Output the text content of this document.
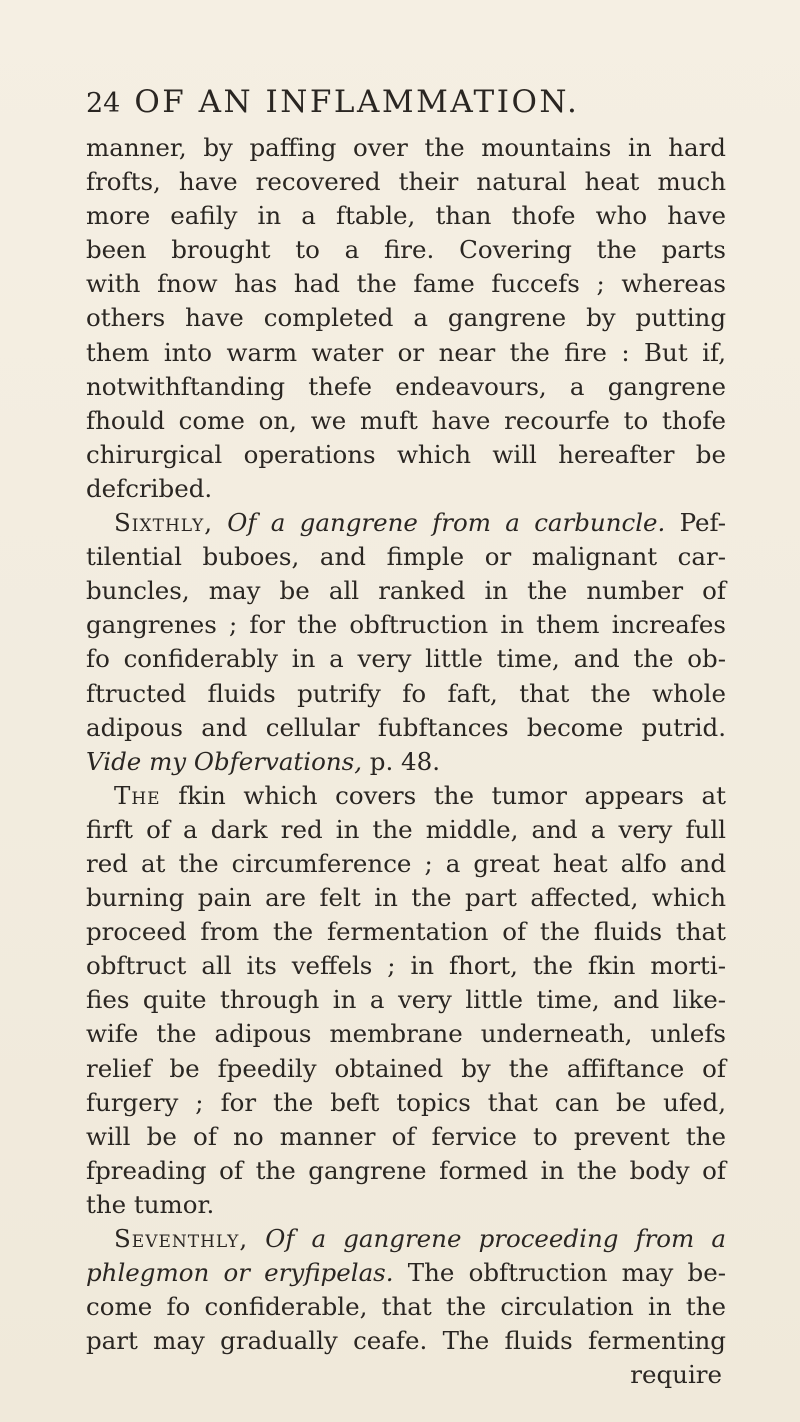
24 OF AN INFLAMMATION.
manner, by paffing over the mountains in hard
frofts, have recovered their natural heat much
more eafily in a ftable, than thofe who have
been brought to a fire. Covering the parts
with fnow has had the fame fuccefs ; whereas
others have completed a gangrene by putting
them into warm water or near the fire : But if,
notwithftanding thefe endeavours, a gangrene
fhould come on, we muft have recourfe to thofe
chirurgical operations which will hereafter be
defcribed.
Sixthly, Of a gangrene from a carbuncle. Pef-
tilential buboes, and fimple or malignant car-
buncles, may be all ranked in the number of
gangrenes ; for the obftruction in them increafes
fo confiderably in a very little time, and the ob-
ftructed fluids putrify fo faft, that the whole
adipous and cellular fubftances become putrid.
Vide my Obfervations, p. 48.
The fkin which covers the tumor appears at
firft of a dark red in the middle, and a very full
red at the circumference ; a great heat alfo and
burning pain are felt in the part affected, which
proceed from the fermentation of the fluids that
obftruct all its veffels ; in fhort, the fkin morti-
fies quite through in a very little time, and like-
wife the adipous membrane underneath, unlefs
relief be fpeedily obtained by the affiftance of
furgery ; for the beft topics that can be ufed,
will be of no manner of fervice to prevent the
fpreading of the gangrene formed in the body of
the tumor.
Seventhly, Of a gangrene proceeding from a
phlegmon or eryfipelas. The obftruction may be-
come fo confiderable, that the circulation in the
part may gradually ceafe. The fluids fermenting
require
